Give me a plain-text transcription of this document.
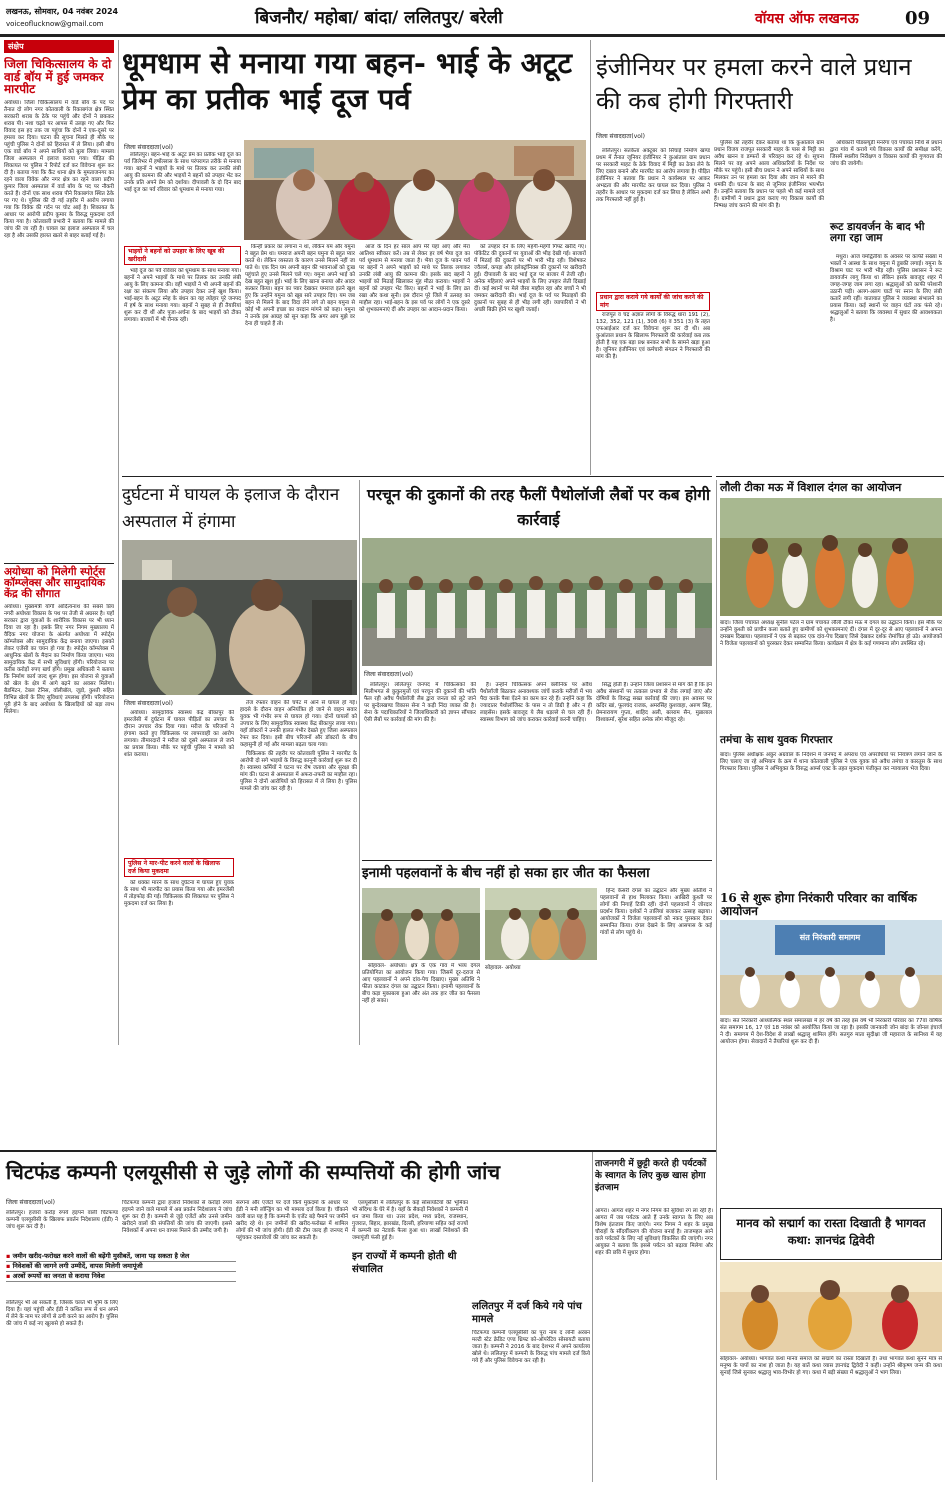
लखनऊ, सोमवार, 04 नवंबर 2024
voiceoflucknow@gmail.com	बिजनौर/ महोबा/ बांदा/ ललितपुर/ बरेली	वॉयस ऑफ लखनऊ	09
संक्षेप
जिला चिकित्सालय के दो वार्ड बॉय में हुई जमकर मारपीट
अयोध्या। जिला चिकित्सालय में वार्ड बॉय के पद पर तैनात दो लोग नगर कोतवाली के रिकाबगंज क्षेत्र स्थित सरकारी शराब के ठेके पर पहुंचे और दोनों ने छककर शराब पी। नशा चढ़ते पर आपस में उलझ गए और फिर विवाद इस हद तक जा पहुंचा कि दोनों ने एक-दूसरे पर हमला कर दिया। घटना की सूचना मिलते ही मौके पर पहुंची पुलिस ने दोनों को हिरासत में ले लिया। इसी बीच एक वार्ड बॉय ने अपने साथियों को बुला लिया। मामला जिला अस्पताल में इलाज कराया गया। पीड़ित की शिकायत पर पुलिस ने रिपोर्ट दर्ज कर विवेचना शुरू कर दी है। बताया गया कि कैंट थाना क्षेत्र के मुमताजनगर का रहने वाला विवेक और नगर क्षेत्र का रहने वाला प्रदीप कुमार जिला अस्पताल में वार्ड बॉय के पद पर नौकरी करते हैं। दोनों एक साथ शराब पीने रिकाबगंज स्थित ठेके पर गए थे। पुलिस की दी गई तहरीर में आरोप लगाया गया कि विवेक की गर्दन पर चोट आई है। शिकायत के आधार पर आरोपी प्रदीप कुमार के विरुद्ध मुकदमा दर्ज किया गया है। कोतवाली प्रभारी ने बताया कि मामले की जांच की जा रही है। घायल का इलाज अस्पताल में चल रहा है और उसकी हालत खतरे से बाहर बताई गई है।
अयोध्या को मिलेगी स्पोर्ट्स कॉम्प्लेक्स और सामुदायिक केंद्र की सौगात
अयोध्या। मुख्यमंत्री योगी आदित्यनाथ की सबसे प्रिय नगरी अयोध्या विकास के पथ पर तेजी से अग्रसर है। यहाँ सरकार द्वारा युवाओं के शारीरिक विकास पर भी ध्यान दिया जा रहा है। इसके लिए नगर निगम मुख्यालय में वैदिक नगर योजना के अंतर्गत अयोध्या में स्पोर्ट्स कॉम्प्लेक्स और सामुदायिक केंद्र बनाया जाएगा। इसको लेकर एजेंसी का चयन हो गया है। स्पोर्ट्स कॉम्प्लेक्स में आधुनिक खेलों के मैदान का निर्माण किया जाएगा। भव्य सामुदायिक केंद्र में सभी सुविधाएं होंगी। परियोजना पर करीब करोड़ों रुपए खर्च होंगे। प्रमुख अधिकारी ने बताया कि निर्माण कार्य जल्द शुरू होगा। इस योजना से युवाओं को खेल के क्षेत्र में आगे बढ़ने का अवसर मिलेगा। बैडमिंटन, टेबल टेनिस, वॉलीबॉल, जूडो, कुश्ती सहित विभिन्न खेलों के लिए सुविधाएं उपलब्ध होंगी। परियोजना पूरी होने के बाद अयोध्या के खिलाड़ियों को बड़ा लाभ मिलेगा।
धूमधाम से मनाया गया बहन- भाई के अटूट प्रेम का प्रतीक भाई दूज पर्व
जिला संवाददाता(vol)

ललितपुर। बहन-भाई के अटूट प्रेम का प्रतीक भाई दूज का पर्व जिलेभर में हर्षोल्लास के साथ परंपरागत तरीके से मनाया गया। बहनों ने भाइयों के माथे पर तिलक कर उनकी लंबी आयु की कामना की और भाइयों ने बहनों को उपहार भेंट कर उनके प्रति अपने प्रेम को दर्शाया। दीपावली के दो दिन बाद भाई दूज का पर्व रविवार को धूमधाम से मनाया गया।

भाइयों ने बहनों को उपहार के लिए खूब की खरीदारी

भाई दूज का पर्व रविवार को धूमधाम के साथ मनाया गया। बहनों ने अपने भाइयों के माथे पर तिलक कर उनकी लंबी आयु के लिए कामना की। वहीं भाइयों ने भी अपनी बहनों की रक्षा का संकल्प लिया और उपहार देकर उन्हें खुश किया। भाई-बहन के अटूट स्नेह के बंधन का यह त्योहार पूरे जनपद में हर्ष के साथ मनाया गया। बहनों ने सुबह से ही तैयारियां शुरू कर दी थीं और पूजा-अर्चना के बाद भाइयों को टीका लगाया। बाजारों में भी रौनक रही।

किन्हीं प्रकार का लगाना न था, लेकिन यम और यमुना ने बहुत प्रेम था। यमराज अपनी बहन यमुना से बहुत प्यार करते थे। लेकिन व्यस्तता के कारण उनसे मिलने नहीं जा पाते थे। एक दिन यम अपनी बहन की भावनाओं को दुःख पहुंचाते हुए उनसे मिलने चले गए। यमुना अपने भाई को देख बहुत खुश हुईं। भाई के लिए खाना बनाया और आदर सत्कार किया। बहन का प्यार देखकर यमराज इतने खुश हुए कि उन्होंने यमुना को खूब सारे उपहार दिए। यम जब बहन से मिलने के बाद विदा लेने लगे तो बहन यमुना से कोई भी अपनी इच्छा का वरदान मांगने को कहा। यमुना ने उनके इस आग्रह को सुन कहा कि अगर आप मुझे वर देना ही चाहते हैं तो।

आज के दिन हर साल आप मेरे यहां आएं और मेरा आतिथ्य स्वीकार करें। तब से लेकर हर वर्ष भैया दूज का पर्व धूमधाम से मनाया जाता है। भैया दूज के पावन पर्व पर बहनों ने अपने भाइयों को माथे पर तिलक लगाकर उनकी लंबी आयु की कामना की। इसके बाद बहनों ने भाइयों को मिठाई खिलाकर मुंह मीठा कराया। भाइयों ने बहनों को उपहार भेंट किए। बहनों ने भाई के लिए व्रत रखा और कथा सुनी। इस दौरान पूरे जिले में उत्साह का माहौल रहा। भाई-बहन के इस पर्व पर लोगों ने एक दूसरे को शुभकामनाएं दीं और उपहार का आदान-प्रदान किया।

को उपहार देने के लिए महंगी-महंगी गिफ्ट खरीदे गए। पॉकेटिट की दुकानों पर युवाओं की भीड़ देखी गई। बाजारों में मिठाई की दुकानों पर भी भारी भीड़ रही। विशेषकर ज्वैलर्स, कपड़ा और इलेक्ट्रॉनिक्स की दुकानों पर खरीदारी हुई। दीपावली के बाद भाई दूज पर बाजार में तेजी रही। अनेक महिलाएं अपने भाइयों के लिए उपहार लेती दिखाई दीं। कई स्थानों पर मेले जैसा माहौल रहा और बच्चों ने भी जमकर खरीदारी की। भाई दूज के पर्व पर मिठाइयों की दुकानों पर सुबह से ही भीड़ लगी रही। व्यापारियों ने भी अच्छी बिक्री होने पर खुशी जताई।

इंजीनियर पर हमला करने वाले प्रधान की कब होगी गिरफ्तारी
जिला संवाददाता(vol)

ललितपुर। सतर्कता अक्टूबर को सिंचाई निर्माण खण्ड प्रथम में तैनात जूनियर इंजीनियर ने कुआंताल ग्राम प्रधान पर सरकारी माहट के ठेके विवाद में मिट्टी का ठेका लेने के लिए दबाव बनाने और मारपीट का आरोप लगाया है। पीड़ित इंजीनियर ने बताया कि प्रधान ने कार्यस्थल पर आकर अभद्रता की और मारपीट कर घायल कर दिया। पुलिस ने तहरीर के आधार पर मुकदमा दर्ज कर लिया है लेकिन अभी तक गिरफ्तारी नहीं हुई है।

प्रधान द्वारा कराये गये कार्यों की जांच करने की मांग

राजपूत व चंद्र अज्ञात लोगों के विरुद्ध धारा 191 (2), 132, 352, 121 (1), 308 (6) व 351 (3) के तहत एफआईआर दर्ज कर विवेचना शुरू कर दी थी। अब कुआंताल प्रधान के खिलाफ गिरफ्तारी की कार्रवाई कब तक होती है यह एक बड़ा प्रश्न बनकर सभी के सामने खड़ा हुआ है। जूनियर इंजीनियर एवं कर्मचारी संगठन ने गिरफ्तारी की मांग की है।

पुलिस को तहरीर देकर बताया था कि कुआंताल ग्राम प्रधान विजय राजपूत सरकारी माहर के पास से मिट्टी का अवैध खनन व डम्फरों से परिवहन कर रहे थे। सूचना मिलने पर वह अपने आला अधिकारियों के निर्देश पर मौके पर पहुंचे। इसी बीच प्रधान ने अपने साथियों के साथ मिलकर उन पर हमला कर दिया और जान से मारने की धमकी दी। घटना के बाद से जूनियर इंजीनियर भयभीत हैं। उन्होंने बताया कि प्रधान पर पहले भी कई मामले दर्ज हैं। ग्रामीणों ने प्रधान द्वारा कराए गए विकास कार्यों की निष्पक्ष जांच कराने की मांग की है।

अधिकारी पीडब्ल्यूडी मनरेगा एवं पंचायत निधि से प्रधान द्वारा गांव में कराये गये विकास कार्यों की समीक्षा करेंगे, जिसमें स्थलीय निरीक्षण व विकास कार्यों की गुणवत्ता की जांच की जायेगी।

रूट डायवर्जन के बाद भी लगा रहा जाम

मथुरा। आज यमद्वितीया के अवसर पर काफी संख्या में भक्तों ने आस्था के साथ यमुना में डुबकी लगाई। यमुना के विश्राम घाट पर भारी भीड़ रही। पुलिस प्रशासन ने रूट डायवर्जन लागू किया था लेकिन इसके बावजूद शहर में जगह-जगह जाम लगा रहा। श्रद्धालुओं को काफी परेशानी उठानी पड़ी। अलग-अलग घाटों पर स्नान के लिए लंबी कतारें लगी रहीं। यातायात पुलिस ने व्यवस्था संभालने का प्रयास किया। कई स्थानों पर वाहन घंटों तक फंसे रहे। श्रद्धालुओं ने बताया कि व्यवस्था में सुधार की आवश्यकता है।

दुर्घटना में घायल के इलाज के दौरान अस्पताल में हंगामा
जिला संवाददाता(vol)

अयोध्या। सामुदायिक स्वास्थ्य केंद्र बीकापुर की इमरजेंसी में दुर्घटना में घायल पीड़ितों का उपचार के दौरान उपचार रोक दिया गया। मरीज के परिजनों ने हंगामा करते हुए चिकित्सक पर लापरवाही का आरोप लगाया। तीमारदारों ने मरीज को दूसरे अस्पताल ले जाने का प्रयास किया। मौके पर पहुंची पुलिस ने मामले को शांत कराया।

पुलिस ने मार-पीट करने वालों के खिलाफ दर्ज किया मुकदमा

को धक्का मारने के साथ दुर्घटना में घायल हुए युवक के साथ भी मारपीट का प्रयास किया गया और इमरजेंसी में तोड़फोड़ की गई। चिकित्सक की शिकायत पर पुलिस ने मुकदमा दर्ज कर लिया है।

तेज रफ्तार वाहन की चपेट में आने से घायल हो गई। हादसे के दौरान वाहन अनियंत्रित हो जाने से वाहन सवार युवक भी गंभीर रूप से घायल हो गया। दोनों घायलों को उपचार के लिए सामुदायिक स्वास्थ्य केंद्र बीकापुर लाया गया। यहाँ डॉक्टरों ने उनकी हालत गंभीर देखते हुए जिला अस्पताल रेफर कर दिया। इसी बीच परिजनों और डॉक्टरों के बीच कहासुनी हो गई और मामला बढ़ता चला गया।

चिकित्सक की तहरीर पर कोतवाली पुलिस ने मारपीट के आरोपी दो सगे भाइयों के विरुद्ध कानूनी कार्रवाई शुरू कर दी है। स्वास्थ्य कर्मियों ने घटना पर रोष जताया और सुरक्षा की मांग की। घटना से अस्पताल में अफरा-तफरी का माहौल रहा। पुलिस ने दोनों आरोपियों को हिरासत में ले लिया है। पुलिस मामले की जांच कर रही है।

परचून की दुकानों की तरह फैलीं पैथोलॉजी लैबों पर कब होगी कार्रवाई
जिला संवाददाता(vol)

ललितपुर। ललितपुर जनपद में चिकित्सकों की मिलीभगत से कुकुरमुत्तों एवं परचून की दुकानों की भांति फैल रही अवैध पैथोलॉजी लैब द्वारा जनता को लूटे जाने पर बुन्देलखण्ड विकास सेना ने कड़ी निंदा व्यक्त की है। सेना के पदाधिकारियों ने जिलाधिकारी को ज्ञापन सौंपकर ऐसी लैबों पर कार्रवाई की मांग की है।

है। उन्होंने चिकित्सक अपने क्लीनिक पर अवैध पैथोलॉजी बिठाकर अनावश्यक जांचें कराके मरीजों में भय पैदा करके पैसा ऐंठने का काम कर रहे हैं। उन्होंने कहा कि ज्यादातर पैथोलॉजिस्ट के पास न तो डिग्री है और न ही लाइसेंस। इसके बावजूद ये लैब धड़ल्ले से चल रही हैं। स्वास्थ्य विभाग को जांच कराकर कार्रवाई करनी चाहिए।

सिद्ध होती है। उन्होंने जिला प्रशासन से मांग की है कि इन अवैध संस्थानों पर तत्काल प्रभाव से रोक लगाई जाए और दोषियों के विरुद्ध सख्त कार्रवाई की जाए। इस अवसर पर कदिर खां, फूलचंद राजक, अमरसिंह कुशवाहा, अरुण सिंह, प्रेमनारायण गुप्ता, शाहिद अली, बलराम सैन, मुन्नालाल विश्वकर्मा, सुरेश सहित अनेक लोग मौजूद रहे।

इनामी पहलवानों के बीच नहीं हो सका हार जीत का फैसला

सोहावल- अयोध्या। क्षेत्र के एक गांव में भव्य दंगल प्रतियोगिता का आयोजन किया गया। जिसमें दूर-दराज से आए पहलवानों ने अपने दांव-पेच दिखाए। मुख्य अतिथि ने फीता काटकर दंगल का उद्घाटन किया। इनामी पहलवानों के बीच कड़ा मुकाबला हुआ और अंत तक हार जीत का फैसला नहीं हो सका।

सोहावल- अयोध्या

हिन्द केसरी दंगल का उद्घाटन और मुख्य अतिथि ने पहलवानों से हाथ मिलाकर किया। आखिरी कुश्ती पर लोगों की निगाहें टिकी रहीं। दोनों पहलवानों ने जोरदार प्रदर्शन किया। दर्शकों ने तालियां बजाकर उत्साह बढ़ाया। आयोजकों ने विजेता पहलवानों को नकद पुरस्कार देकर सम्मानित किया। दंगल देखने के लिए आसपास के कई गांवों से लोग पहुंचे थे।

लौली टीका मऊ में विशाल दंगल का आयोजन
बांदा। जिला पंचायत अध्यक्ष सुनील पटेल ने ग्राम पंचायत लौली टीका मऊ में दंगल का उद्घाटन किया। इस मौके पर उन्होंने कुश्ती को प्राचीन कला बताते हुए ग्रामीणों को शुभकामनाएं दीं। दंगल में दूर-दूर से आए पहलवानों ने अपना दमखम दिखाया। पहलवानों ने एक से बढ़कर एक दांव-पेच दिखाए जिसे देखकर दर्शक रोमांचित हो उठे। आयोजकों ने विजेता पहलवानों को पुरस्कार देकर सम्मानित किया। कार्यक्रम में क्षेत्र के कई गणमान्य लोग उपस्थित रहे।
तमंचा के साथ युवक गिरफ्तार
बांदा। पुलिस अधीक्षक अंकुर अग्रवाल के निर्देशन में जनपद में अपराध एवं अपराधियों पर नियंत्रण लगाने जाने के लिए चलाए जा रहे अभियान के क्रम में थाना कोतवाली पुलिस ने एक युवक को अवैध तमंचा व कारतूस के साथ गिरफ्तार किया। पुलिस ने अभियुक्त के विरुद्ध आर्म्स एक्ट के तहत मुकदमा पंजीकृत कर न्यायालय भेज दिया।
16 से शुरू होगा निरंकारी परिवार का वार्षिक आयोजन
संत निरंकारी समागम
बांदा। संत निरंकारी आध्यात्मिक स्थल समालखा में हर वर्ष की तरह इस वर्ष भी निरंकारी परिवार का 77वां वार्षिक संत समागम 16, 17 एवं 18 नवंबर को आयोजित किया जा रहा है। इसकी जानकारी जोन बांदा के जोनल इंचार्ज ने दी। समागम में देश-विदेश से लाखों श्रद्धालु शामिल होंगे। सतगुरु माता सुदीक्षा जी महाराज के सानिध्य में यह आयोजन होगा। सेवादारों ने तैयारियां शुरू कर दी हैं।
मानव को सद्मार्ग का रास्ता दिखाती है भागवत कथा: ज्ञानचंद्र द्विवेदी
सोहावल- अयोध्या। भागवत कथा मानव समाज को सद्मार्ग का रास्ता दिखाती है। तथा भागवत कथा सुनने मात्र से मनुष्य के पापों का नाश हो जाता है। यह बातें कथा व्यास ज्ञानचंद्र द्विवेदी ने कहीं। उन्होंने श्रीकृष्ण जन्म की कथा सुनाई जिसे सुनकर श्रद्धालु भाव-विभोर हो गए। कथा में बड़ी संख्या में श्रद्धालुओं ने भाग लिया।
ताजनगरी में छुट्टी करते ही पर्यटकों के स्वागत के लिए कुछ खास होगा इंतजाम
आगरा। आगरा शहर में नगर निगम की सुविधा रंग ला रही है। आगरा में जब पर्यटक आते हैं उनके स्वागत के लिए अब विशेष इंतजाम किए जाएंगे। नगर निगम ने शहर के प्रमुख चौराहों के सौंदर्यीकरण की योजना बनाई है। ताजमहल आने वाले पर्यटकों के लिए नई सुविधाएं विकसित की जाएंगी। नगर आयुक्त ने बताया कि इससे पर्यटन को बढ़ावा मिलेगा और शहर की छवि में सुधार होगा।
चिटफंड कम्पनी एलयूसीसी से जुड़े लोगों की सम्पत्तियों की होगी जांच
जिला संवाददाता(vol)
ललितपुर। हजारों करोड़ रुपये हड़पने वाली चिटफण्ड कम्पनी एलयूसीसी के खिलाफ प्रवर्तन निदेशालय (ईडी) ने जांच शुरू कर दी है।
▪ जमीन खरीद-फरोख्त करने वालों की बढ़ेंगी मुसीबतें, जाना पड़ सकता है जेल
▪ निवेशकों की जागने लगी उम्मीदें, वापस मिलेगी जमापूंजी
▪ अरबों रूपयों का जनता से कराया निवेश
ललितपुर भी आ सकती है, जिसके चलते भी भूमि के लिए दिया है। यहां पहुंची और ईडी ने कथित रूप से धन अपने में लेने के नाम पर लोगों से ठगी करने का आरोप है। पुलिस की जांच में कई नए खुलासे हो सकते हैं।
चिटफण्ड कम्पनी द्वारा हजारों निवेशकों से करोड़ों रुपये हड़पने जाने वाले मामले में अब प्रवर्तन निदेशालय ने जांच शुरू कर दी है। कम्पनी से जुड़े एजेंटों और उनसे जमीन खरीदने वालों की संपत्तियों की जांच की जाएगी। इससे निवेशकों में अपना धन वापस मिलने की उम्मीद जगी है।
सरगना और एजेंटों पर दर्ज किये मुकदमों के आधार पर ईडी ने मनी लॉन्ड्रिंग का भी मामला दर्ज किया है। चौंकाने वाली बात यह है कि कम्पनी के एजेंट बड़े पैमाने पर जमीनें खरीद रहे थे। इन जमीनों की खरीद-फरोख्त में शामिल लोगों की भी जांच होगी। ईडी की टीम जल्द ही जनपद में पहुंचकर दस्तावेजों की जांच कर सकती है।

एलयूसीसी में ललितपुर के कई सोसायटियों की भूमिका भी संदिग्ध के घेरे में है। यहाँ के सैकड़ों निवेशकों ने कम्पनी में धन जमा किया था। उत्तर प्रदेश, मध्य प्रदेश, राजस्थान, गुजरात, बिहार, झारखंड, दिल्ली, हरियाणा सहित कई राज्यों में कम्पनी का नेटवर्क फैला हुआ था। लाखों निवेशकों की जमापूंजी फंसी हुई है।

इन राज्यों में कम्पनी होती थी संचालित
ललितपुर में दर्ज किये गये पांच मामले
चिटफण्ड कम्पनी एलयूसीसी का पूरा नाम द लोनी अरबन मल्टी स्टेट क्रेडिट एण्ड थ्रिफ्ट को-ऑपरेटिव सोसायटी बताया जाता है। कम्पनी ने 2016 के बाद देशभर में अपने कार्यालय खोले थे। ललितपुर में कम्पनी के विरुद्ध पांच मामले दर्ज किये गये हैं और पुलिस विवेचना कर रही है।
